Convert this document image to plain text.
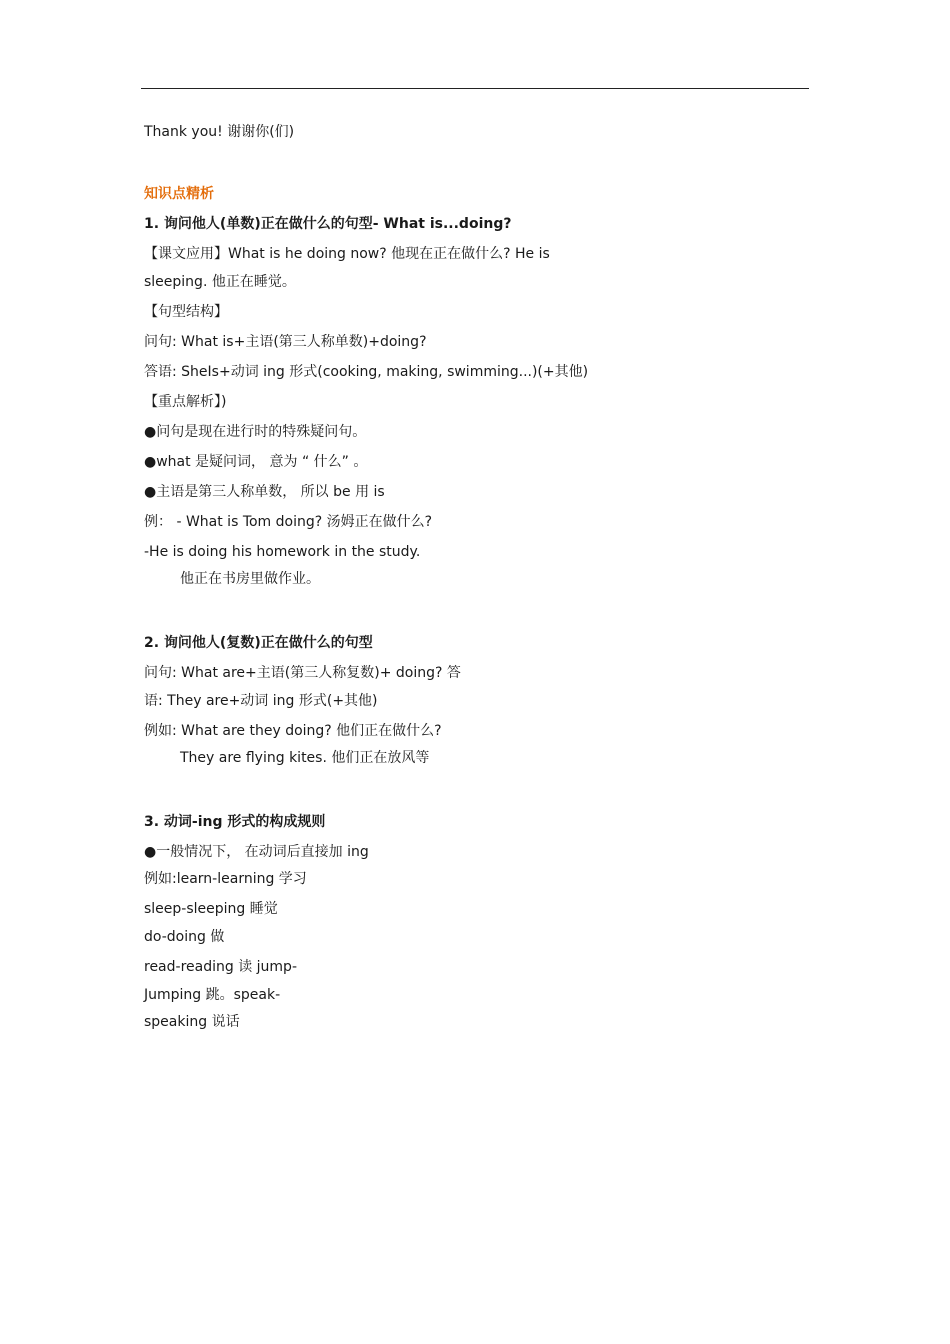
Thank you! 谢谢你(们)
知识点精析
1. 询问他人(单数)正在做什么的句型- What is...doing?
【课文应用】What is he doing now? 他现在正在做什么? He is
sleeping. 他正在睡觉。
【句型结构】
问句: What is+主语(第三人称单数)+doing?
答语: SheIs+动词 ing 形式(cooking, making, swimming...)(+其他)
【重点解析】)
●问句是现在进行时的特殊疑问句。
●what 是疑问词， 意为 “ 什么” 。
●主语是第三人称单数， 所以 be 用 is
例： - What is Tom doing? 汤姆正在做什么?
-He is doing his homework in the study.
他正在书房里做作业。
2. 询问他人(复数)正在做什么的句型
问句: What are+主语(第三人称复数)+ doing? 答
语: They are+动词 ing 形式(+其他)
例如: What are they doing? 他们正在做什么?
They are flying kites. 他们正在放风等
3. 动词-ing 形式的构成规则
●一般情况下， 在动词后直接加 ing
例如:learn-learning 学习
sleep-sleeping 睡觉
do-doing 做
read-reading 读 jump-
Jumping 跳。speak-
speaking 说话
